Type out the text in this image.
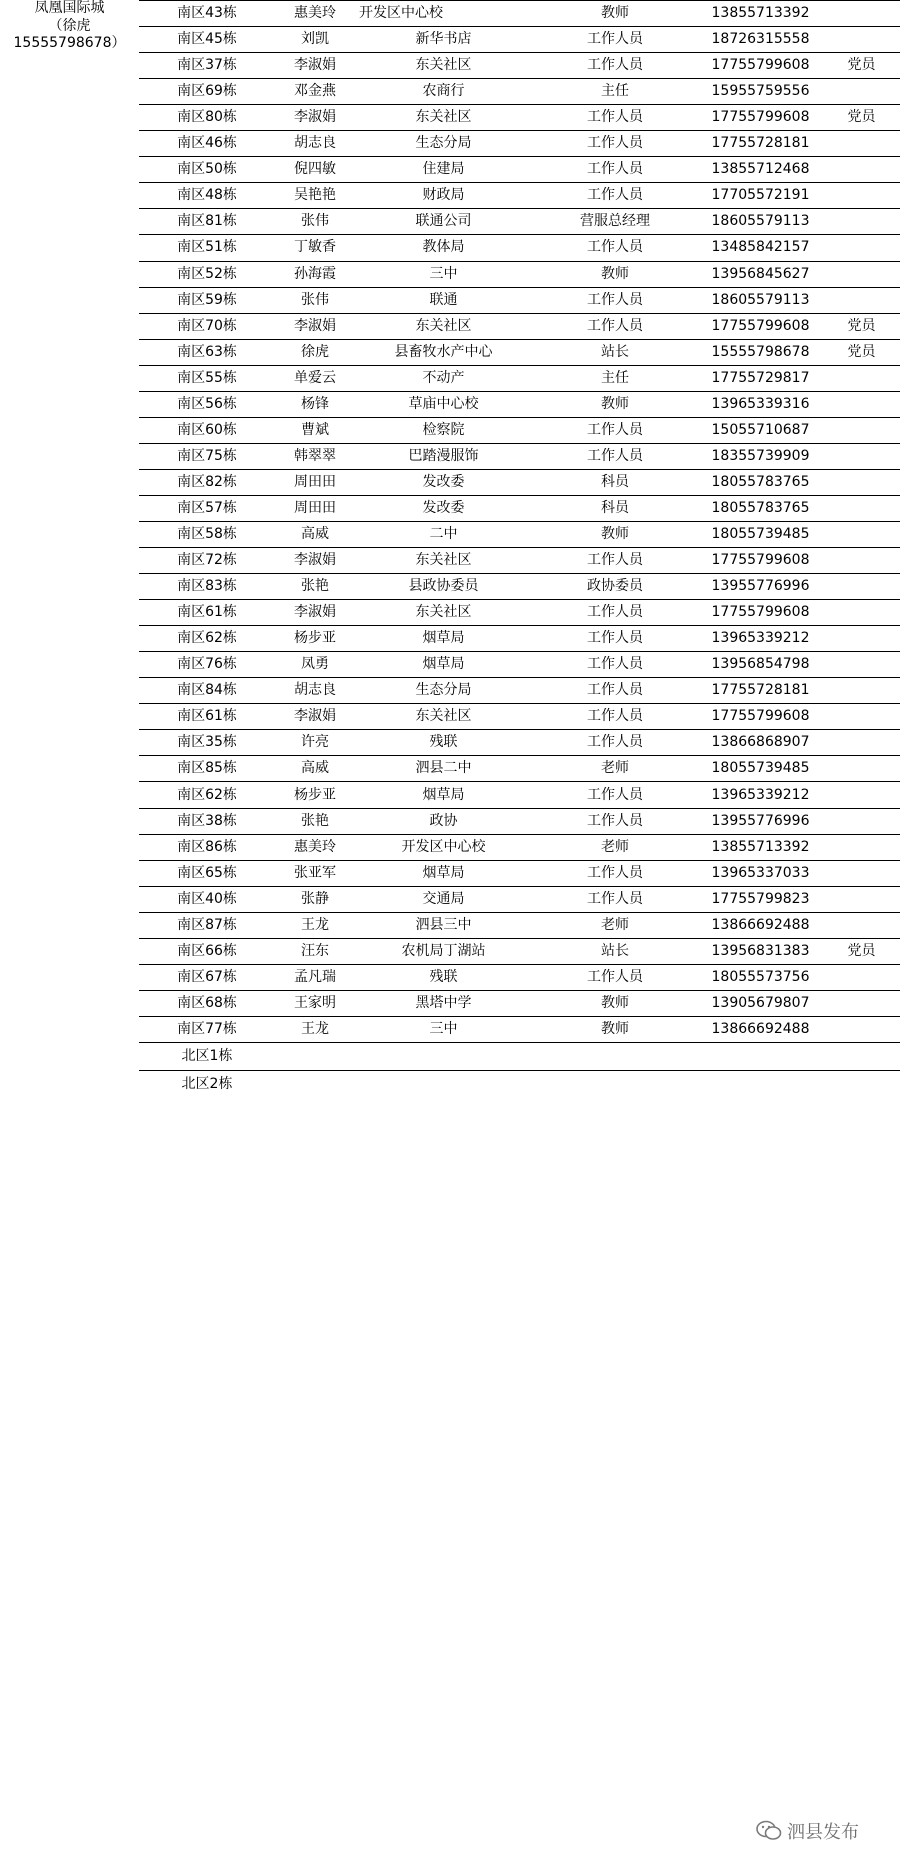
凤凰国际城
（徐虎
15555798678）
南区43栋	惠美玲	开发区中心校	教师	13855713392
南区45栋	刘凯	新华书店	工作人员	18726315558
南区37栋	李淑娟	东关社区	工作人员	17755799608	党员
南区69栋	邓金燕	农商行	主任	15955759556
南区80栋	李淑娟	东关社区	工作人员	17755799608	党员
南区46栋	胡志良	生态分局	工作人员	17755728181
南区50栋	倪四敏	住建局	工作人员	13855712468
南区48栋	吴艳艳	财政局	工作人员	17705572191
南区81栋	张伟	联通公司	营服总经理	18605579113
南区51栋	丁敏香	教体局	工作人员	13485842157
南区52栋	孙海霞	三中	教师	13956845627
南区59栋	张伟	联通	工作人员	18605579113
南区70栋	李淑娟	东关社区	工作人员	17755799608	党员
南区63栋	徐虎	县畜牧水产中心	站长	15555798678	党员
南区55栋	单爱云	不动产	主任	17755729817
南区56栋	杨锋	草庙中心校	教师	13965339316
南区60栋	曹斌	检察院	工作人员	15055710687
南区75栋	韩翠翠	巴踏漫服饰	工作人员	18355739909
南区82栋	周田田	发改委	科员	18055783765
南区57栋	周田田	发改委	科员	18055783765
南区58栋	高威	二中	教师	18055739485
南区72栋	李淑娟	东关社区	工作人员	17755799608
南区83栋	张艳	县政协委员	政协委员	13955776996
南区61栋	李淑娟	东关社区	工作人员	17755799608
南区62栋	杨步亚	烟草局	工作人员	13965339212
南区76栋	凤勇	烟草局	工作人员	13956854798
南区84栋	胡志良	生态分局	工作人员	17755728181
南区61栋	李淑娟	东关社区	工作人员	17755799608
南区35栋	许亮	残联	工作人员	13866868907
南区85栋	高威	泗县二中	老师	18055739485
南区62栋	杨步亚	烟草局	工作人员	13965339212
南区38栋	张艳	政协	工作人员	13955776996
南区86栋	惠美玲	开发区中心校	老师	13855713392
南区65栋	张亚军	烟草局	工作人员	13965337033
南区40栋	张静	交通局	工作人员	17755799823
南区87栋	王龙	泗县三中	老师	13866692488
南区66栋	汪东	农机局丁湖站	站长	13956831383	党员
南区67栋	孟凡瑞	残联	工作人员	18055573756
南区68栋	王家明	黑塔中学	教师	13905679807
南区77栋	王龙	三中	教师	13866692488
北区1栋
北区2栋
泗县发布
